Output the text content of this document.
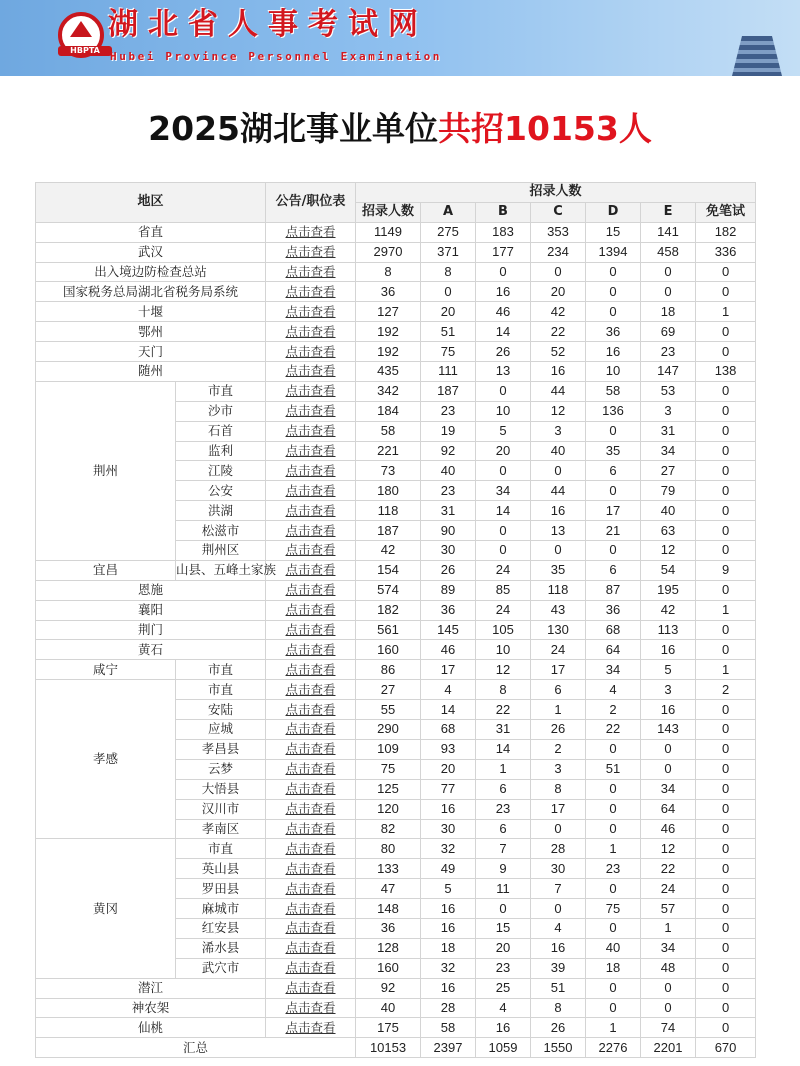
HBPTA
湖北省人事考试网
Hubei Province Personnel Examination
2025湖北事业单位共招10153人
地区	公告/职位表	招录人数
招录人数	A	B	C	D	E	免笔试
省直	点击查看	1149	275	183	353	15	141	182
武汉	点击查看	2970	371	177	234	1394	458	336
出入境边防检查总站	点击查看	8	8	0	0	0	0	0
国家税务总局湖北省税务局系统	点击查看	36	0	16	20	0	0	0
十堰	点击查看	127	20	46	42	0	18	1
鄂州	点击查看	192	51	14	22	36	69	0
天门	点击查看	192	75	26	52	16	23	0
随州	点击查看	435	111	13	16	10	147	138
荆州	市直	点击查看	342	187	0	44	58	53	0
沙市	点击查看	184	23	10	12	136	3	0
石首	点击查看	58	19	5	3	0	31	0
监利	点击查看	221	92	20	40	35	34	0
江陵	点击查看	73	40	0	0	6	27	0
公安	点击查看	180	23	34	44	0	79	0
洪湖	点击查看	118	31	14	16	17	40	0
松滋市	点击查看	187	90	0	13	21	63	0
荆州区	点击查看	42	30	0	0	0	12	0
宜昌	山县、五峰土家族	点击查看	154	26	24	35	6	54	9
恩施	点击查看	574	89	85	118	87	195	0
襄阳	点击查看	182	36	24	43	36	42	1
荆门	点击查看	561	145	105	130	68	113	0
黄石	点击查看	160	46	10	24	64	16	0
咸宁	市直	点击查看	86	17	12	17	34	5	1
孝感	市直	点击查看	27	4	8	6	4	3	2
安陆	点击查看	55	14	22	1	2	16	0
应城	点击查看	290	68	31	26	22	143	0
孝昌县	点击查看	109	93	14	2	0	0	0
云梦	点击查看	75	20	1	3	51	0	0
大悟县	点击查看	125	77	6	8	0	34	0
汉川市	点击查看	120	16	23	17	0	64	0
孝南区	点击查看	82	30	6	0	0	46	0
黄冈	市直	点击查看	80	32	7	28	1	12	0
英山县	点击查看	133	49	9	30	23	22	0
罗田县	点击查看	47	5	11	7	0	24	0
麻城市	点击查看	148	16	0	0	75	57	0
红安县	点击查看	36	16	15	4	0	1	0
浠水县	点击查看	128	18	20	16	40	34	0
武穴市	点击查看	160	32	23	39	18	48	0
潜江	点击查看	92	16	25	51	0	0	0
神农架	点击查看	40	28	4	8	0	0	0
仙桃	点击查看	175	58	16	26	1	74	0
汇总	10153	2397	1059	1550	2276	2201	670
